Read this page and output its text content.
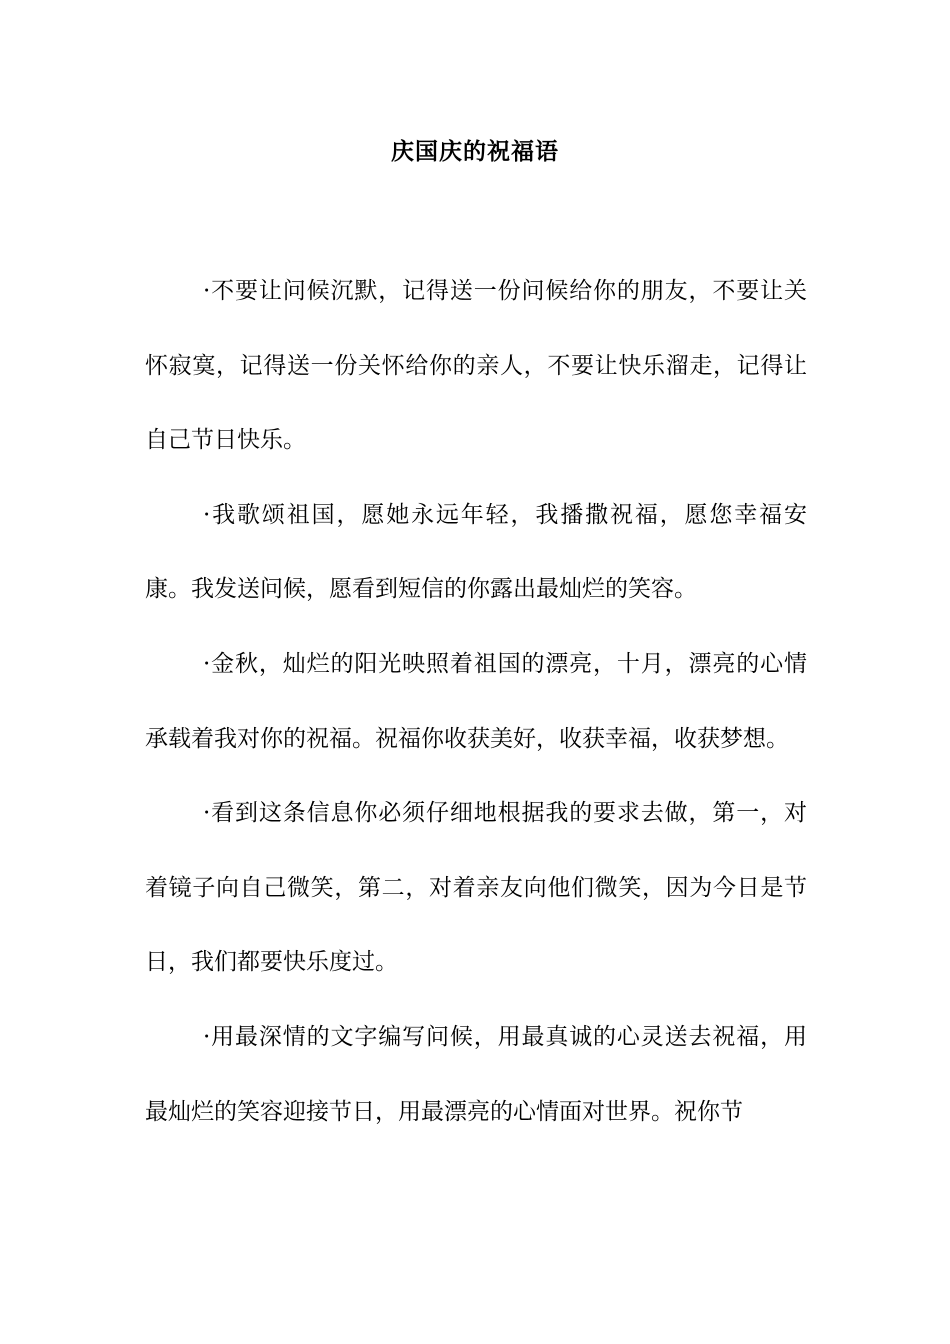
庆国庆的祝福语

·不要让问候沉默，记得送一份问候给你的朋友，不要让关怀寂寞，记得送一份关怀给你的亲人，不要让快乐溜走，记得让自己节日快乐。

·我歌颂祖国，愿她永远年轻，我播撒祝福，愿您幸福安康。我发送问候，愿看到短信的你露出最灿烂的笑容。

·金秋，灿烂的阳光映照着祖国的漂亮，十月，漂亮的心情承载着我对你的祝福。祝福你收获美好，收获幸福，收获梦想。

·看到这条信息你必须仔细地根据我的要求去做，第一，对着镜子向自己微笑，第二，对着亲友向他们微笑，因为今日是节日，我们都要快乐度过。

·用最深情的文字编写问候，用最真诚的心灵送去祝福，用最灿烂的笑容迎接节日，用最漂亮的心情面对世界。祝你节
